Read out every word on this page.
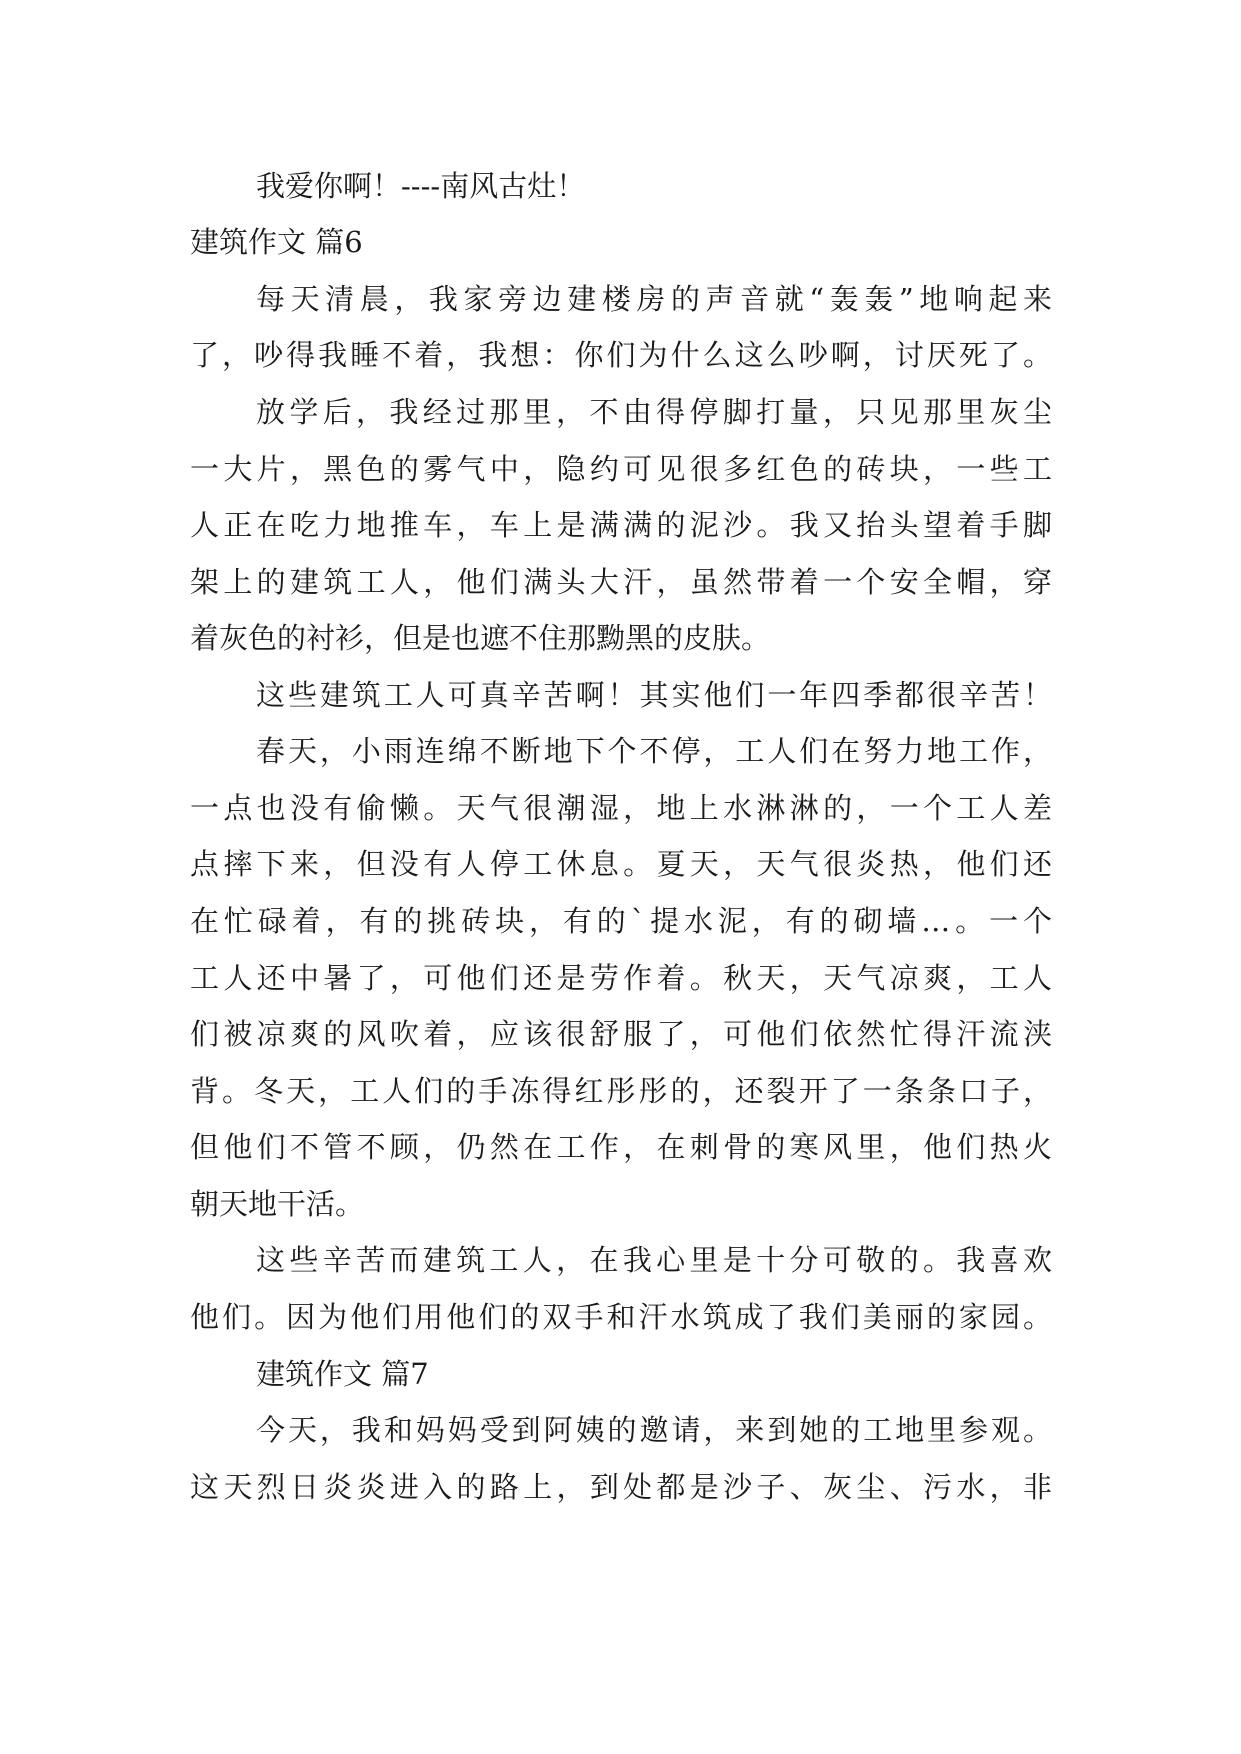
我爱你啊！----南风古灶！
建筑作文 篇6
每天清晨，我家旁边建楼房的声音就“轰轰”地响起来
了，吵得我睡不着，我想：你们为什么这么吵啊，讨厌死了。
放学后，我经过那里，不由得停脚打量，只见那里灰尘
一大片，黑色的雾气中，隐约可见很多红色的砖块，一些工
人正在吃力地推车，车上是满满的泥沙。我又抬头望着手脚
架上的建筑工人，他们满头大汗，虽然带着一个安全帽，穿
着灰色的衬衫，但是也遮不住那黝黑的皮肤。
这些建筑工人可真辛苦啊！其实他们一年四季都很辛苦！
春天，小雨连绵不断地下个不停，工人们在努力地工作，
一点也没有偷懒。天气很潮湿，地上水淋淋的，一个工人差
点摔下来，但没有人停工休息。夏天，天气很炎热，他们还
在忙碌着，有的挑砖块，有的`提水泥，有的砌墙…。一个
工人还中暑了，可他们还是劳作着。秋天，天气凉爽，工人
们被凉爽的风吹着，应该很舒服了，可他们依然忙得汗流浃
背。冬天，工人们的手冻得红彤彤的，还裂开了一条条口子，
但他们不管不顾，仍然在工作，在刺骨的寒风里，他们热火
朝天地干活。
这些辛苦而建筑工人，在我心里是十分可敬的。我喜欢
他们。因为他们用他们的双手和汗水筑成了我们美丽的家园。
建筑作文 篇7
今天，我和妈妈受到阿姨的邀请，来到她的工地里参观。
这天烈日炎炎进入的路上，到处都是沙子、灰尘、污水，非
